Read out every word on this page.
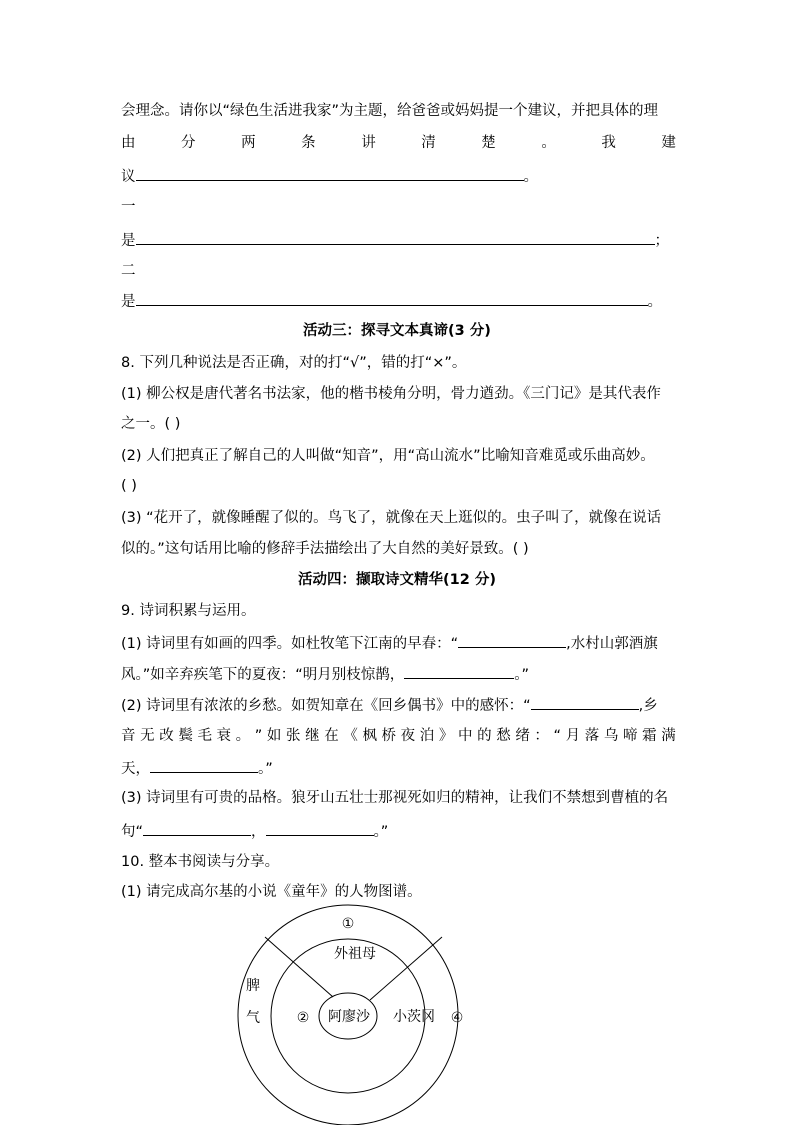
会理念。请你以“绿色生活进我家”为主题，给爸爸或妈妈提一个建议，并把具体的理
由	分	两	条	讲	清	楚	。	我	建
议	。
一
是	；
二
是	。
活动三：探寻文本真谛(3 分)
8. 下列几种说法是否正确，对的打“√”，错的打“×”。
(1) 柳公权是唐代著名书法家，他的楷书棱角分明，骨力遒劲。《三门记》是其代表作
之一。( )
(2) 人们把真正了解自己的人叫做“知音”，用“高山流水”比喻知音难觅或乐曲高妙。
( )
(3) “花开了，就像睡醒了似的。鸟飞了，就像在天上逛似的。虫子叫了，就像在说话
似的。”这句话用比喻的修辞手法描绘出了大自然的美好景致。( )
活动四：撷取诗文精华(12 分)
9. 诗词积累与运用。
(1) 诗词里有如画的四季。如杜牧笔下江南的早春：“	,水村山郭酒旗
风。”如辛弃疾笔下的夏夜：“明月别枝惊鹊，	。”
(2) 诗词里有浓浓的乡愁。如贺知章在《回乡偶书》中的感怀：“	,乡
音 无 改 鬓 毛 衰 。 ” 如 张 继 在 《 枫 桥 夜 泊 》 中 的 愁 绪 ： “ 月 落 乌 啼 霜 满
天，	。”
(3) 诗词里有可贵的品格。狼牙山五壮士那视死如归的精神，让我们不禁想到曹植的名
句“	，	。”
10. 整本书阅读与分享。
(1) 请完成高尔基的小说《童年》的人物图谱。
①
外祖母
阿廖沙
②	小茨冈 ④
脾
气
